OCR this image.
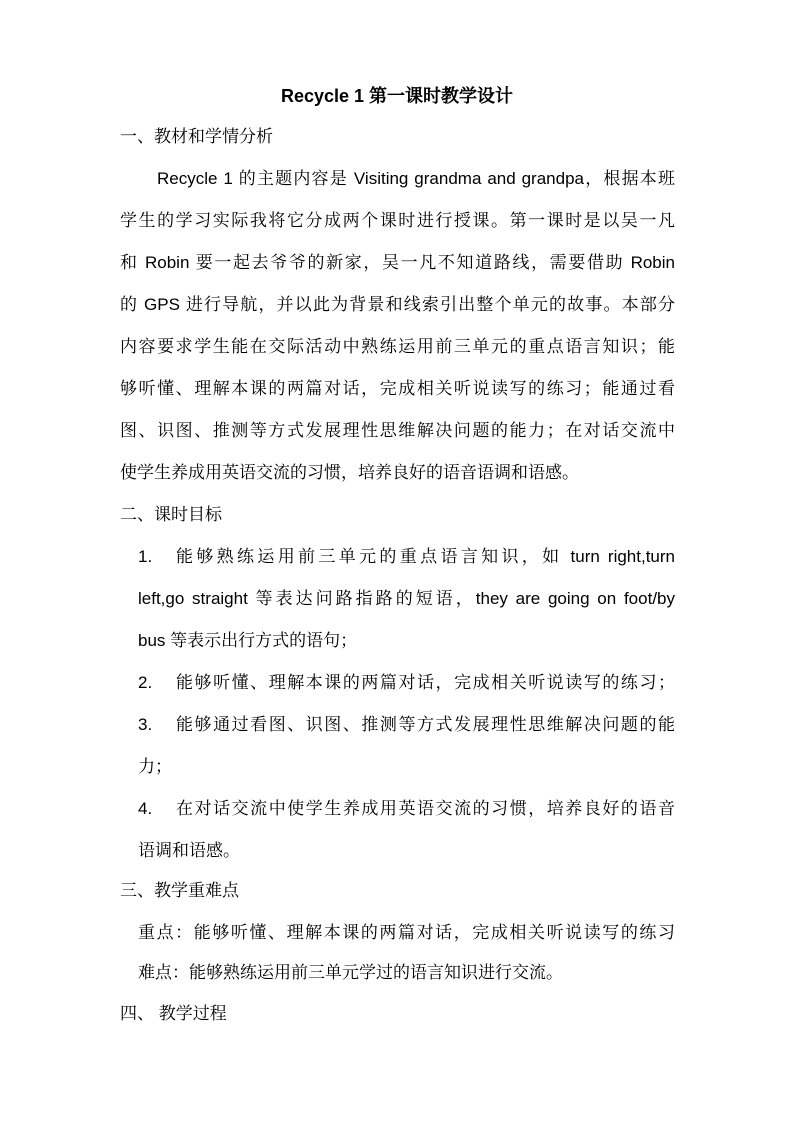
Recycle 1 第一课时教学设计
一、教材和学情分析
Recycle 1 的主题内容是 Visiting grandma and grandpa，根据本班
学生的学习实际我将它分成两个课时进行授课。第一课时是以吴一凡
和 Robin 要一起去爷爷的新家，吴一凡不知道路线，需要借助 Robin
的 GPS 进行导航，并以此为背景和线索引出整个单元的故事。本部分
内容要求学生能在交际活动中熟练运用前三单元的重点语言知识；能
够听懂、理解本课的两篇对话，完成相关听说读写的练习；能通过看
图、识图、推测等方式发展理性思维解决问题的能力；在对话交流中
使学生养成用英语交流的习惯，培养良好的语音语调和语感。
二、课时目标
1. 能够熟练运用前三单元的重点语言知识，如 turn right,turn
left,go straight 等表达问路指路的短语，they are going on foot/by
bus 等表示出行方式的语句；
2. 能够听懂、理解本课的两篇对话，完成相关听说读写的练习；
3. 能够通过看图、识图、推测等方式发展理性思维解决问题的能
力；
4. 在对话交流中使学生养成用英语交流的习惯，培养良好的语音
语调和语感。
三、教学重难点
重点：能够听懂、理解本课的两篇对话，完成相关听说读写的练习
难点：能够熟练运用前三单元学过的语言知识进行交流。
四、 教学过程
